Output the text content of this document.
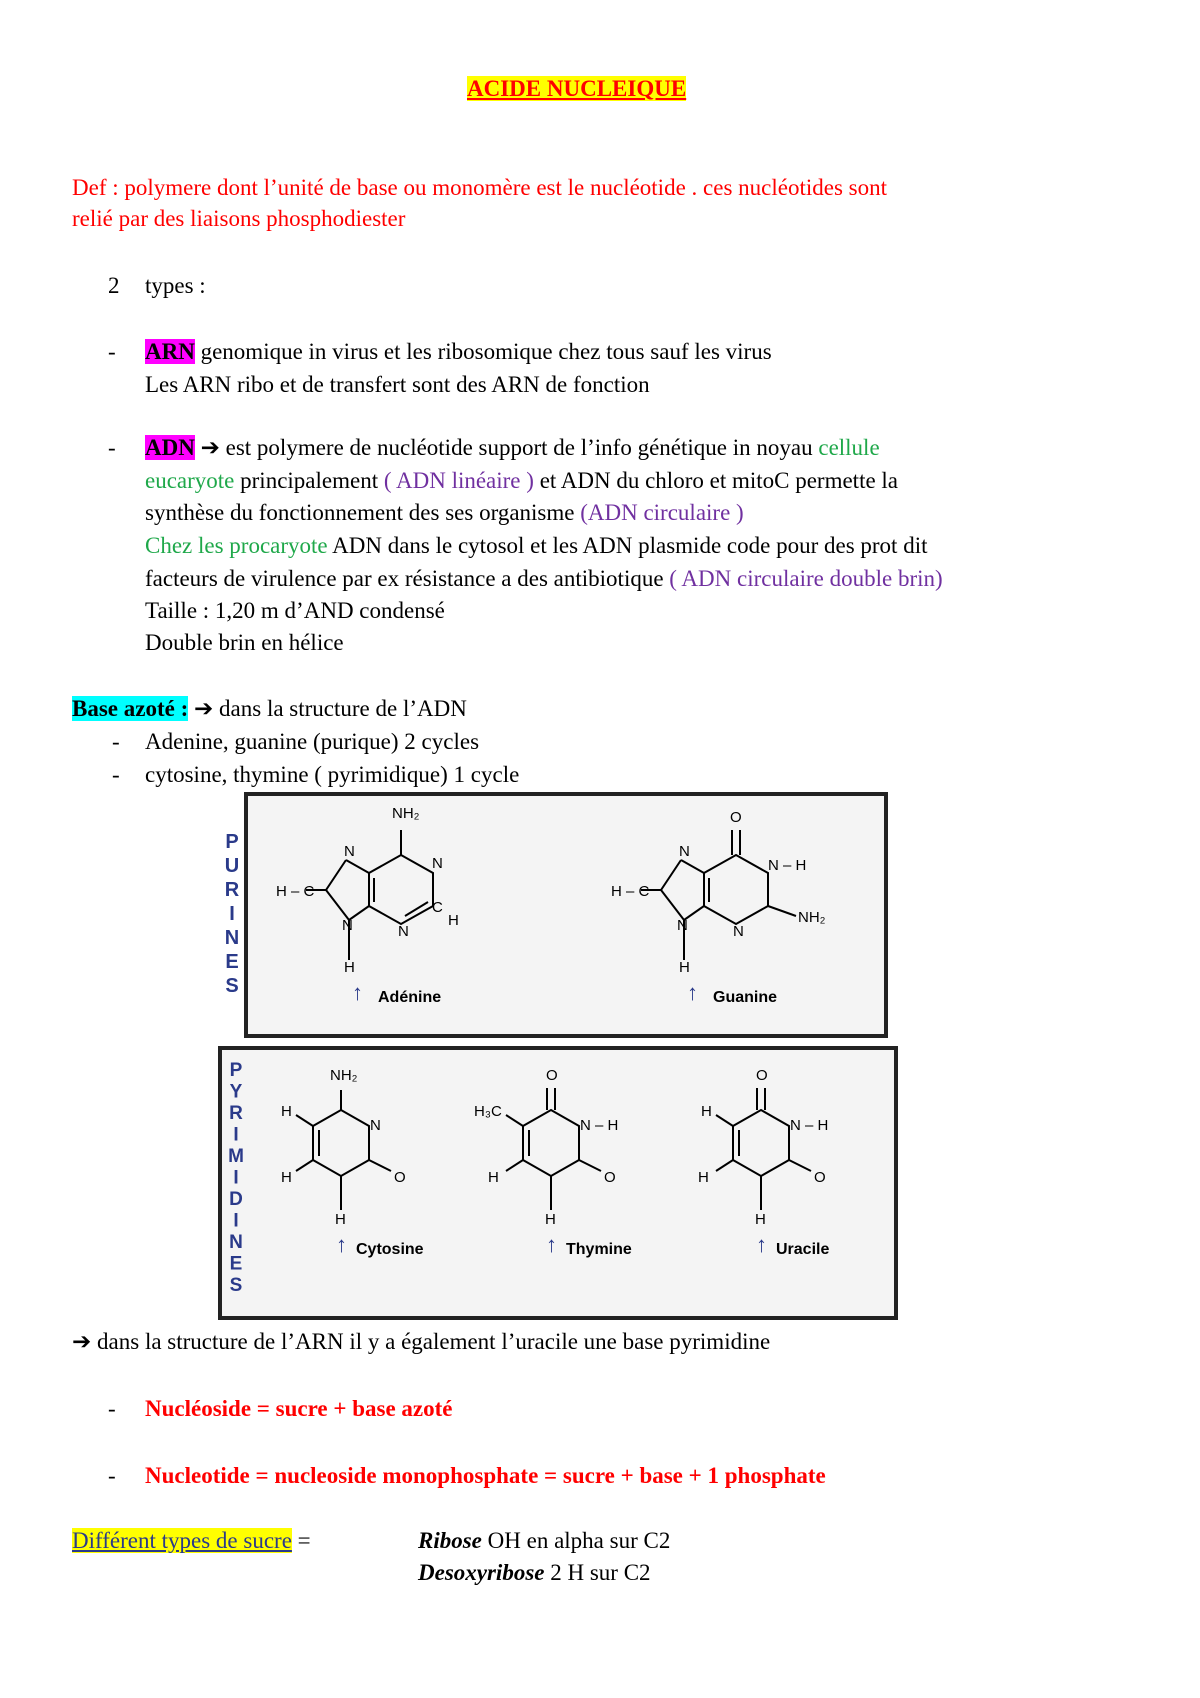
ACIDE NUCLEIQUE
Def : polymere dont l’unité de base ou monomère est le nucléotide . ces nucléotides sont
relié par des liaisons phosphodiester
2 types :
- ARN genomique in virus et les ribosomique chez tous sauf les virus
Les ARN ribo et de transfert sont des ARN de fonction
- ADN ➔ est polymere de nucléotide support de l’info génétique in noyau cellule
eucaryote principalement ( ADN linéaire ) et ADN du chloro et mitoC permette la
synthèse du fonctionnement des ses organisme (ADN circulaire )
Chez les procaryote ADN dans le cytosol et les ADN plasmide code pour des prot dit
facteurs de virulence par ex résistance a des antibiotique ( ADN circulaire double brin)
Taille : 1,20 m d’AND condensé
Double brin en hélice
Base azoté : ➔ dans la structure de l’ADN
- Adenine, guanine (purique) 2 cycles
- cytosine, thymine ( pyrimidique) 1 cycle
P
U
R
I
N
E
S
P
Y
R
I
M
I
D
I
N
E
S
NH₂
N
N
H – C
N	N
C
H
H
↑ Adénine
O
N
N – H
H – C
N	N
NH₂
H
↑ Guanine
NH₂
N
H
H	O
H
↑ Cytosine
O
N – H
H₃C
H	O
H
↑ Thymine
O
N – H
H
H	O
H
↑ Uracile
➔ dans la structure de l’ARN il y a également l’uracile une base pyrimidine
- Nucléoside = sucre + base azoté
- Nucleotide = nucleoside monophosphate = sucre + base + 1 phosphate
Différent types de sucre =	Ribose OH en alpha sur C2
Desoxyribose 2 H sur C2
